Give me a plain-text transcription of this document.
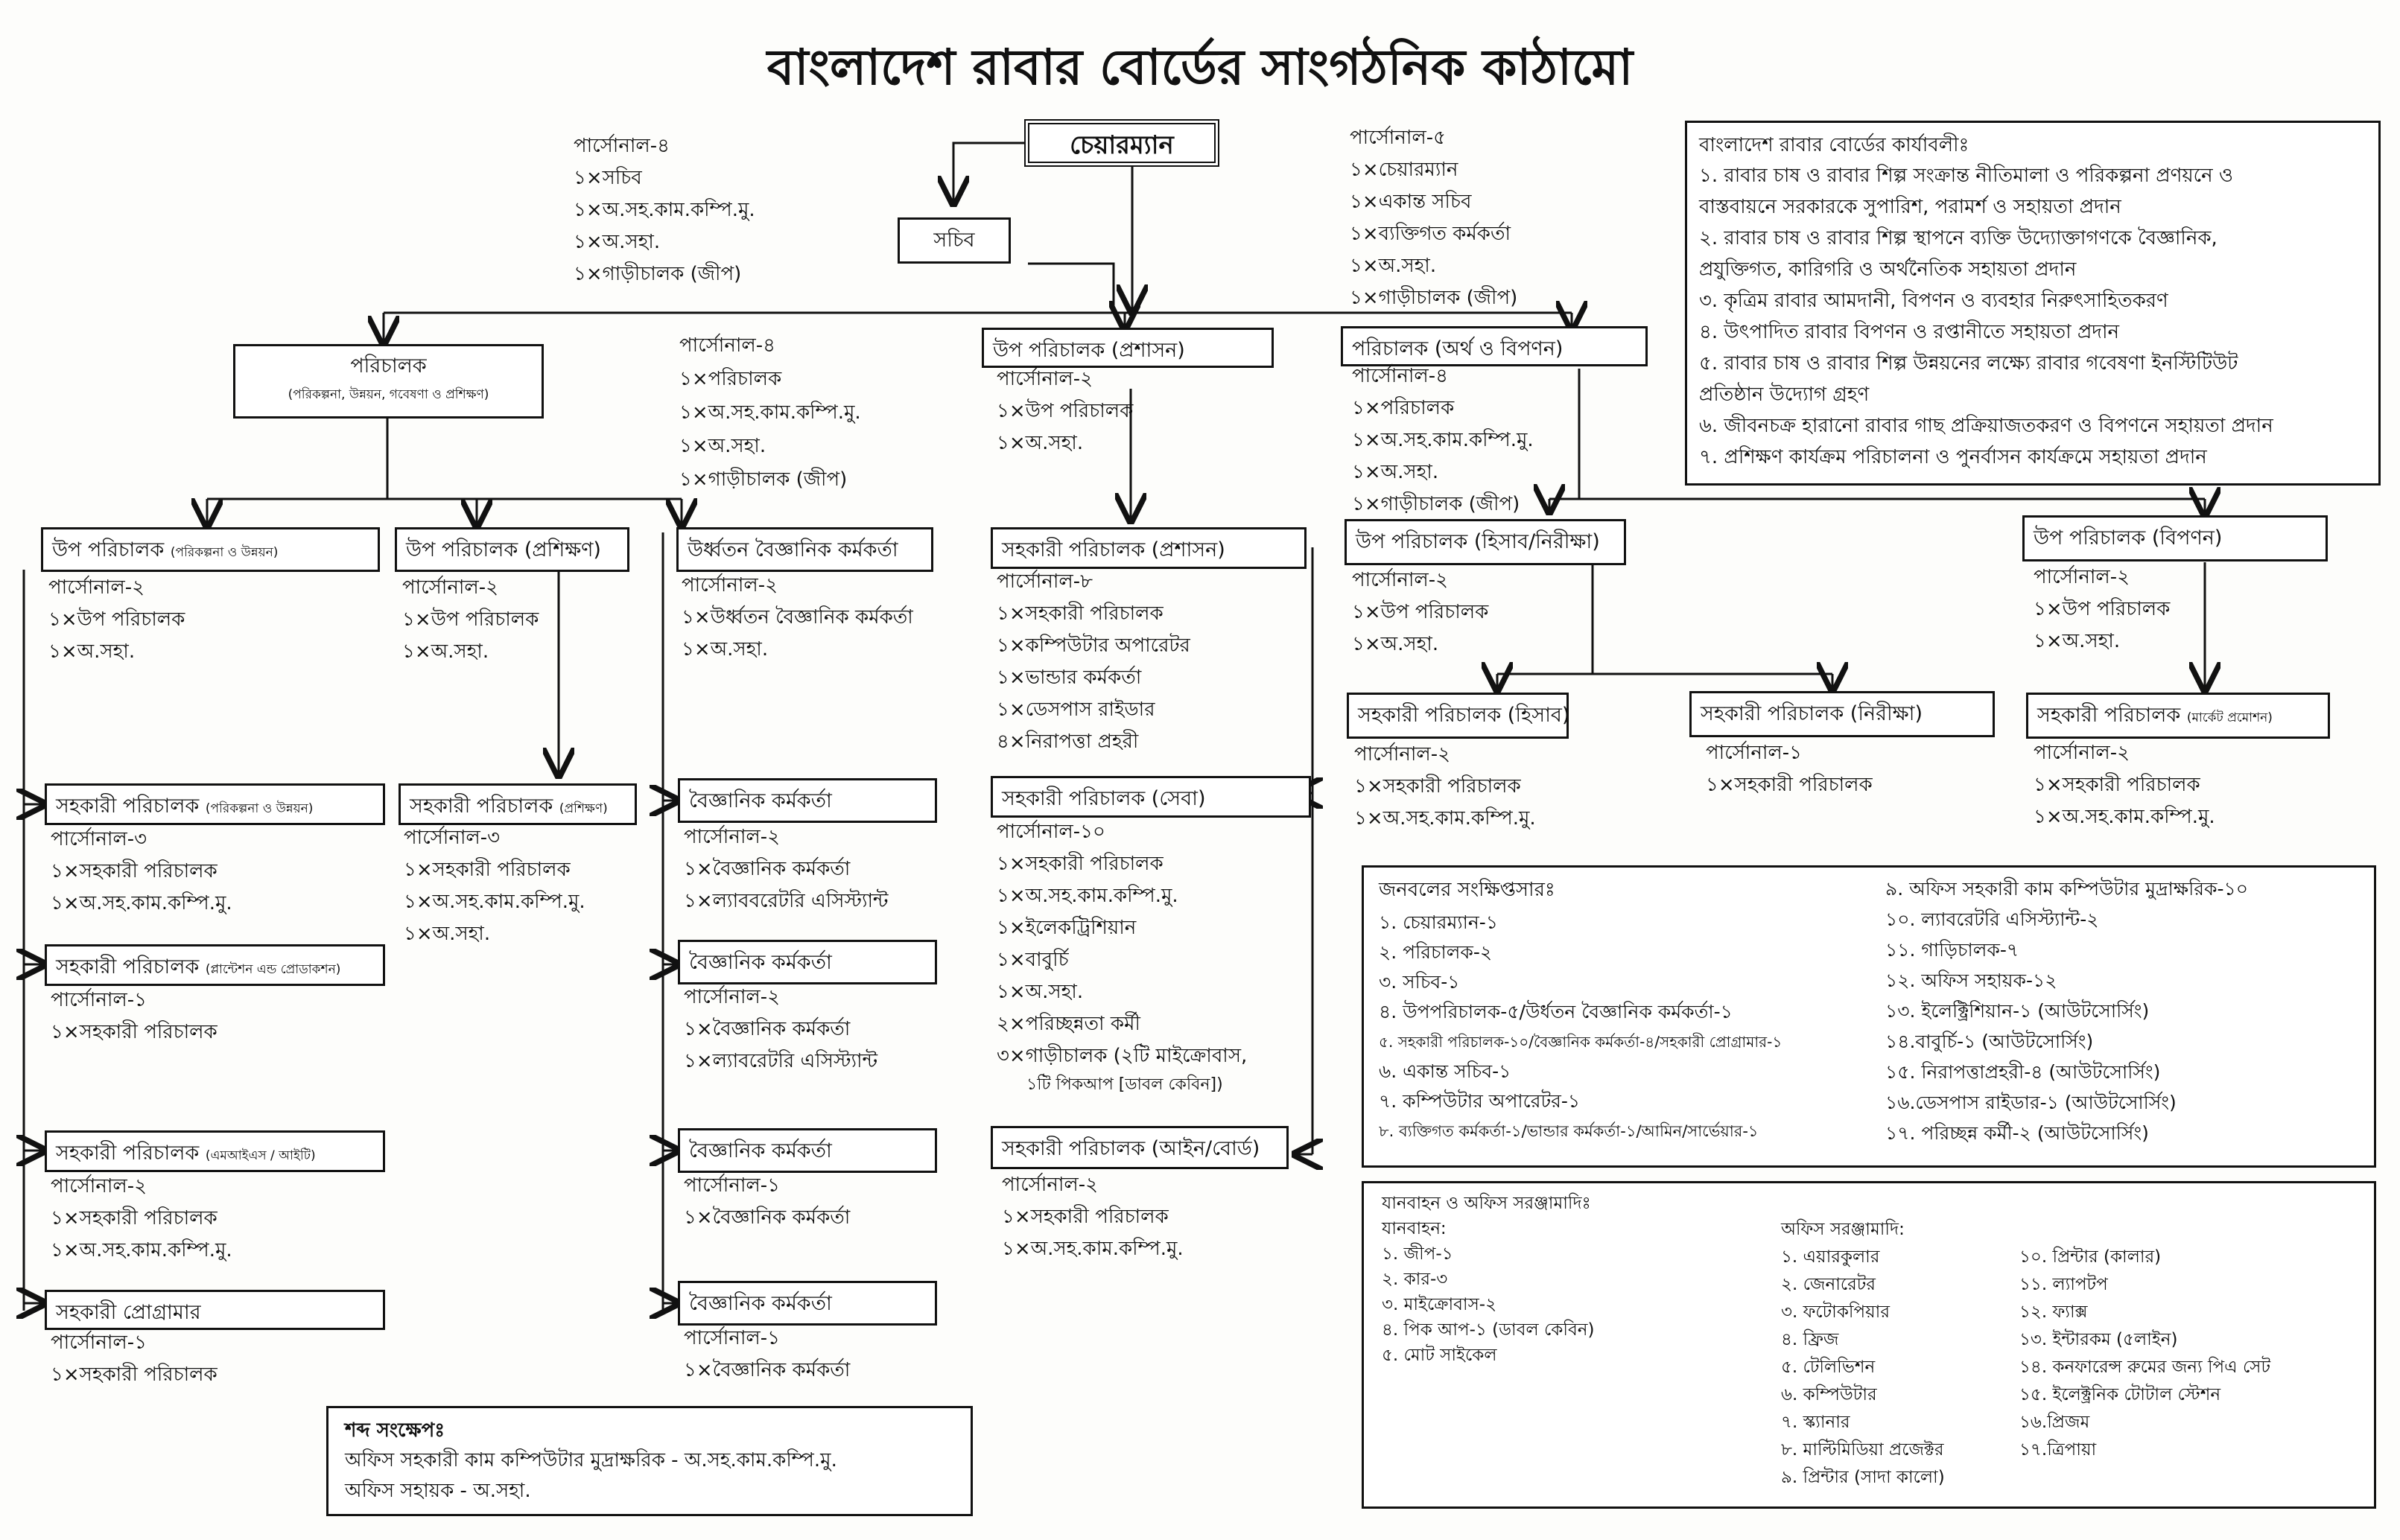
বাংলাদেশ রাবার বোর্ডের সাংগঠনিক কাঠামো
চেয়ারম্যান
সচিব
পার্সোনাল-৪
১×সচিব
১×অ.সহ.কাম.কম্পি.মু.
১×অ.সহা.
১×গাড়ীচালক (জীপ)
পার্সোনাল-৫
১×চেয়ারম্যান
১×একান্ত সচিব
১×ব্যক্তিগত কর্মকর্তা
১×অ.সহা.
১×গাড়ীচালক (জীপ)
বাংলাদেশ রাবার বোর্ডের কার্যাবলীঃ
১. রাবার চাষ ও রাবার শিল্প সংক্রান্ত নীতিমালা ও পরিকল্পনা প্রণয়নে ও
বাস্তবায়নে সরকারকে সুপারিশ, পরামর্শ ও সহায়তা প্রদান
২. রাবার চাষ ও রাবার শিল্প স্থাপনে ব্যক্তি উদ্যোক্তাগণকে বৈজ্ঞানিক,
প্রযুক্তিগত, কারিগরি ও অর্থনৈতিক সহায়তা প্রদান
৩. কৃত্রিম রাবার আমদানী, বিপণন ও ব্যবহার নিরুৎসাহিতকরণ
৪. উৎপাদিত রাবার বিপণন ও রপ্তানীতে সহায়তা প্রদান
৫. রাবার চাষ ও রাবার শিল্প উন্নয়নের লক্ষ্যে রাবার গবেষণা ইনস্টিটিউট
প্রতিষ্ঠান উদ্যোগ গ্রহণ
৬. জীবনচক্র হারানো রাবার গাছ প্রক্রিয়াজতকরণ ও বিপণনে সহায়তা প্রদান
৭. প্রশিক্ষণ কার্যক্রম পরিচালনা ও পুনর্বাসন কার্যক্রমে সহায়তা প্রদান
পরিচালক
(পরিকল্পনা, উন্নয়ন, গবেষণা ও প্রশিক্ষণ)
পার্সোনাল-৪
১×পরিচালক
১×অ.সহ.কাম.কম্পি.মু.
১×অ.সহা.
১×গাড়ীচালক (জীপ)
উপ পরিচালক (প্রশাসন)
পার্সোনাল-২
১×উপ পরিচালক
১×অ.সহা.
পরিচালক (অর্থ ও বিপণন)
পার্সোনাল-৪
১×পরিচালক
১×অ.সহ.কাম.কম্পি.মু.
১×অ.সহা.
১×গাড়ীচালক (জীপ)
উপ পরিচালক (পরিকল্পনা ও উন্নয়ন)
পার্সোনাল-২
১×উপ পরিচালক
১×অ.সহা.
উপ পরিচালক (প্রশিক্ষণ)
পার্সোনাল-২
১×উপ পরিচালক
১×অ.সহা.
উর্ধ্বতন বৈজ্ঞানিক কর্মকর্তা
পার্সোনাল-২
১×উর্ধ্বতন বৈজ্ঞানিক কর্মকর্তা
১×অ.সহা.
সহকারী পরিচালক (প্রশাসন)
পার্সোনাল-৮
১×সহকারী পরিচালক
১×কম্পিউটার অপারেটর
১×ভান্ডার কর্মকর্তা
১×ডেসপাস রাইডার
৪×নিরাপত্তা প্রহরী
উপ পরিচালক (হিসাব/নিরীক্ষা)
পার্সোনাল-২
১×উপ পরিচালক
১×অ.সহা.
উপ পরিচালক (বিপণন)
পার্সোনাল-২
১×উপ পরিচালক
১×অ.সহা.
সহকারী পরিচালক (পরিকল্পনা ও উন্নয়ন)
পার্সোনাল-৩
১×সহকারী পরিচালক
১×অ.সহ.কাম.কম্পি.মু.
সহকারী পরিচালক (প্লান্টেশন এন্ড প্রোডাকশন)
পার্সোনাল-১
১×সহকারী পরিচালক
সহকারী পরিচালক (এমআইএস / আইটি)
পার্সোনাল-২
১×সহকারী পরিচালক
১×অ.সহ.কাম.কম্পি.মু.
সহকারী প্রোগ্রামার
পার্সোনাল-১
১×সহকারী পরিচালক
সহকারী পরিচালক (প্রশিক্ষণ)
পার্সোনাল-৩
১×সহকারী পরিচালক
১×অ.সহ.কাম.কম্পি.মু.
১×অ.সহা.
বৈজ্ঞানিক কর্মকর্তা
পার্সোনাল-২
১×বৈজ্ঞানিক কর্মকর্তা
১×ল্যাববরেটরি এসিস্ট্যান্ট
বৈজ্ঞানিক কর্মকর্তা
পার্সোনাল-২
১×বৈজ্ঞানিক কর্মকর্তা
১×ল্যাবরেটরি এসিস্ট্যান্ট
বৈজ্ঞানিক কর্মকর্তা
পার্সোনাল-১
১×বৈজ্ঞানিক কর্মকর্তা
বৈজ্ঞানিক কর্মকর্তা
পার্সোনাল-১
১×বৈজ্ঞানিক কর্মকর্তা
সহকারী পরিচালক (সেবা)
পার্সোনাল-১০
১×সহকারী পরিচালক
১×অ.সহ.কাম.কম্পি.মু.
১×ইলেকট্রিশিয়ান
১×বাবুর্চি
১×অ.সহা.
২×পরিচ্ছন্নতা কর্মী
৩×গাড়ীচালক (২টি মাইক্রোবাস,
১টি পিকআপ [ডাবল কেবিন])
সহকারী পরিচালক (আইন/বোর্ড)
পার্সোনাল-২
১×সহকারী পরিচালক
১×অ.সহ.কাম.কম্পি.মু.
সহকারী পরিচালক (হিসাব)
পার্সোনাল-২
১×সহকারী পরিচালক
১×অ.সহ.কাম.কম্পি.মু.
সহকারী পরিচালক (নিরীক্ষা)
পার্সোনাল-১
১×সহকারী পরিচালক
সহকারী পরিচালক (মার্কেট প্রমোশন)
পার্সোনাল-২
১×সহকারী পরিচালক
১×অ.সহ.কাম.কম্পি.মু.
জনবলের সংক্ষিপ্তসারঃ
১. চেয়ারম্যান-১
২. পরিচালক-২
৩. সচিব-১
৪. উপপরিচালক-৫/উর্ধতন বৈজ্ঞানিক কর্মকর্তা-১
৫. সহকারী পরিচালক-১০/বৈজ্ঞানিক কর্মকর্তা-৪/সহকারী প্রোগ্রামার-১
৬. একান্ত সচিব-১
৭. কম্পিউটার অপারেটর-১
৮. ব্যক্তিগত কর্মকর্তা-১/ভান্ডার কর্মকর্তা-১/আমিন/সার্ভেয়ার-১
৯. অফিস সহকারী কাম কম্পিউটার মুদ্রাক্ষরিক-১০
১০. ল্যাবরেটরি এসিস্ট্যান্ট-২
১১. গাড়িচালক-৭
১২. অফিস সহায়ক-১২
১৩. ইলেক্ট্রিশিয়ান-১ (আউটসোর্সিং)
১৪.বাবুর্চি-১ (আউটসোর্সিং)
১৫. নিরাপত্তাপ্রহরী-৪ (আউটসোর্সিং)
১৬.ডেসপাস রাইডার-১ (আউটসোর্সিং)
১৭. পরিচ্ছন্ন কর্মী-২ (আউটসোর্সিং)
যানবাহন ও অফিস সরঞ্জামাদিঃ
যানবাহন:
১. জীপ-১
২. কার-৩
৩. মাইক্রোবাস-২
৪. পিক আপ-১ (ডাবল কেবিন)
৫. মোট সাইকেল
অফিস সরঞ্জামাদি:
১. এয়ারকুলার
২. জেনারেটর
৩. ফটোকপিয়ার
৪. ফ্রিজ
৫. টেলিভিশন
৬. কম্পিউটার
৭. স্ক্যানার
৮. মাল্টিমিডিয়া প্রজেক্টর
৯. প্রিন্টার (সাদা কালো)
১০. প্রিন্টার (কালার)
১১. ল্যাপটপ
১২. ফ্যাক্স
১৩. ইন্টারকম (৫লাইন)
১৪. কনফারেন্স রুমের জন্য পিএ সেট
১৫. ইলেক্ট্রনিক টোটাল স্টেশন
১৬.প্রিজম
১৭.ত্রিপায়া
শব্দ সংক্ষেপঃ
অফিস সহকারী কাম কম্পিউটার মুদ্রাক্ষরিক - অ.সহ.কাম.কম্পি.মু.
অফিস সহায়ক - অ.সহা.
